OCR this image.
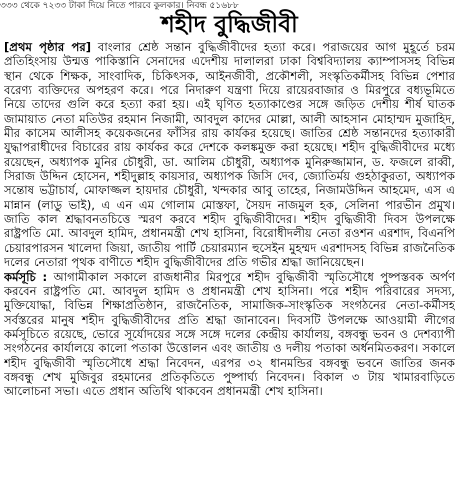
৩৩৩ থেকে ৭২৩৩ টাকা দিয়ে নিতে পারবে কুলকার। নিবন্ধ ৫১৬৮৮
শহীদ বুদ্ধিজীবী

[প্রথম পৃষ্ঠার পর] বাংলার শ্রেষ্ঠ সন্তান বুদ্ধিজীবীদের হত্যা করে। পরাজয়ের আগ মুহূর্তে চরম প্রতিহিংসায় উন্মত্ত পাকিস্তানি সেনাদের এদেশীয় দালালরা ঢাকা বিশ্ববিদ্যালয় ক্যাম্পাসসহ বিভিন্ন স্থান থেকে শিক্ষক, সাংবাদিক, চিকিৎসক, আইনজীবী, প্রকৌশলী, সংস্কৃতিকর্মীসহ বিভিন্ন পেশার বরেণ্য ব্যক্তিদের অপহরণ করে। পরে নিদারুণ যন্ত্রণা দিয়ে রায়েরবাজার ও মিরপুরে বধ্যভূমিতে নিয়ে তাদের গুলি করে হত্যা করা হয়। এই ঘৃণিত হত্যাকাণ্ডের সঙ্গে জড়িত দেশীয় শীর্ষ ঘাতক জামায়াত নেতা মতিউর রহমান নিজামী, আবদুল কাদের মোল্লা, আলী আহসান মোহাম্মদ মুজাহিদ, মীর কাসেম আলীসহ কয়েকজনের ফাঁসির রায় কার্যকর হয়েছে। জাতির শ্রেষ্ঠ সন্তানদের হত্যাকারী যুদ্ধাপরাধীদের বিচারের রায় কার্যকর করে দেশকে কলঙ্কমুক্ত করা হয়েছে। শহীদ বুদ্ধিজীবীদের মধ্যে রয়েছেন, অধ্যাপক মুনির চৌধুরী, ডা. আলিম চৌধুরী, অধ্যাপক মুনিরুজ্জামান, ড. ফজলে রাব্বী, সিরাজ উদ্দিন হোসেন, শহীদুল্লাহ কায়সার, অধ্যাপক জিসি দেব, জ্যোতির্ময় গুহঠাকুরতা, অধ্যাপক সন্তোষ ভট্টাচার্য, মোফাজ্জল হায়দার চৌধুরী, খন্দকার আবু তাহের, নিজামউদ্দিন আহমেদ, এস এ মান্নান (লাডু ভাই), এ এন এম গোলাম মোস্তফা, সৈয়দ নাজমুল হক, সেলিনা পারভীন প্রমুখ। জাতি কাল শ্রদ্ধাবনতচিত্তে স্মরণ করবে শহীদ বুদ্ধিজীবীদের। শহীদ বুদ্ধিজীবী দিবস উপলক্ষে রাষ্ট্রপতি মো. আবদুল হামিদ, প্রধানমন্ত্রী শেখ হাসিনা, বিরোধীদলীয় নেতা রওশন এরশাদ, বিএনপি চেয়ারপারসন খালেদা জিয়া, জাতীয় পার্টি চেয়ারম্যান হুসেইন মুহম্মদ এরশাদসহ বিভিন্ন রাজনৈতিক দলের নেতারা পৃথক বাণীতে শহীদ বুদ্ধিজীবীদের প্রতি গভীর শ্রদ্ধা জানিয়েছেন।

কর্মসূচি : আগামীকাল সকালে রাজধানীর মিরপুরে শহীদ বুদ্ধিজীবী স্মৃতিসৌধে পুষ্পস্তবক অর্পণ করবেন রাষ্ট্রপতি মো. আবদুল হামিদ ও প্রধানমন্ত্রী শেখ হাসিনা। পরে শহীদ পরিবারের সদস্য, মুক্তিযোদ্ধা, বিভিন্ন শিক্ষাপ্রতিষ্ঠান, রাজনৈতিক, সামাজিক-সাংস্কৃতিক সংগঠনের নেতা-কর্মীসহ সর্বস্তরের মানুষ শহীদ বুদ্ধিজীবীদের প্রতি শ্রদ্ধা জানাবেন। দিবসটি উপলক্ষে আওয়ামী লীগের কর্মসূচিতে রয়েছে, ভোরে সূর্যোদয়ের সঙ্গে সঙ্গে দলের কেন্দ্রীয় কার্যালয়, বঙ্গবন্ধু ভবন ও দেশব্যাপী সংগঠনের কার্যালয়ে কালো পতাকা উত্তোলন এবং জাতীয় ও দলীয় পতাকা অর্ধনমিতকরণ। সকালে শহীদ বুদ্ধিজীবী স্মৃতিসৌধে শ্রদ্ধা নিবেদন, এরপর ৩২ ধানমন্ডির বঙ্গবন্ধু ভবনে জাতির জনক বঙ্গবন্ধু শেখ মুজিবুর রহমানের প্রতিকৃতিতে পুষ্পার্ঘ্য নিবেদন। বিকাল ৩ টায় খামারবাড়িতে আলোচনা সভা। এতে প্রধান অতিথি থাকবেন প্রধানমন্ত্রী শেখ হাসিনা।
